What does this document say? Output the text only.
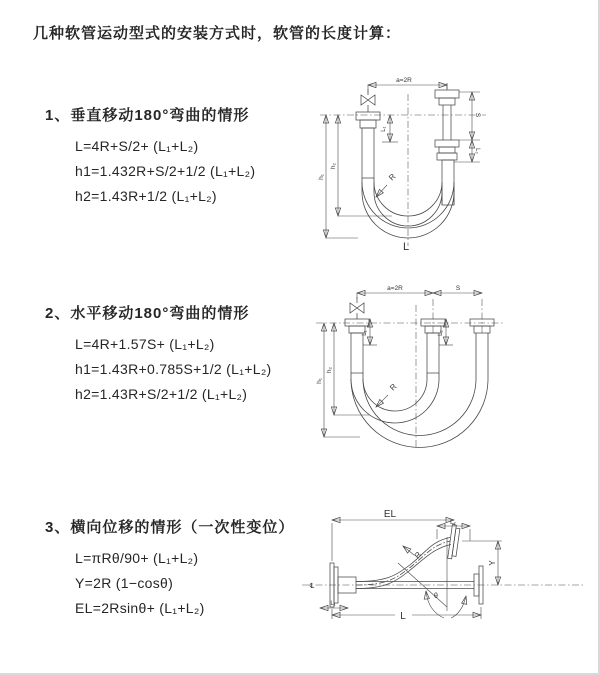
几种软管运动型式的安装方式时，软管的长度计算：
1、垂直移动180°弯曲的情形
L=4R+S/2+ (L₁+L₂)
h1=1.432R+S/2+1/2 (L₁+L₂)
h2=1.43R+1/2 (L₁+L₂)
2、水平移动180°弯曲的情形
L=4R+1.57S+ (L₁+L₂)
h1=1.43R+0.785S+1/2 (L₁+L₂)
h2=1.43R+S/2+1/2 (L₁+L₂)
3、横向位移的情形（一次性变位）
L=πRθ/90+ (L₁+L₂)
Y=2R (1−cosθ)
EL=2Rsinθ+ (L₁+L₂)
a=2R
S
L₂
L₁
h₁
h₂
R
L
a=2R	S
L₁	L₂
h₁
h₂
R
EL
L₂
Y
R
θ
L
L₁
℄
